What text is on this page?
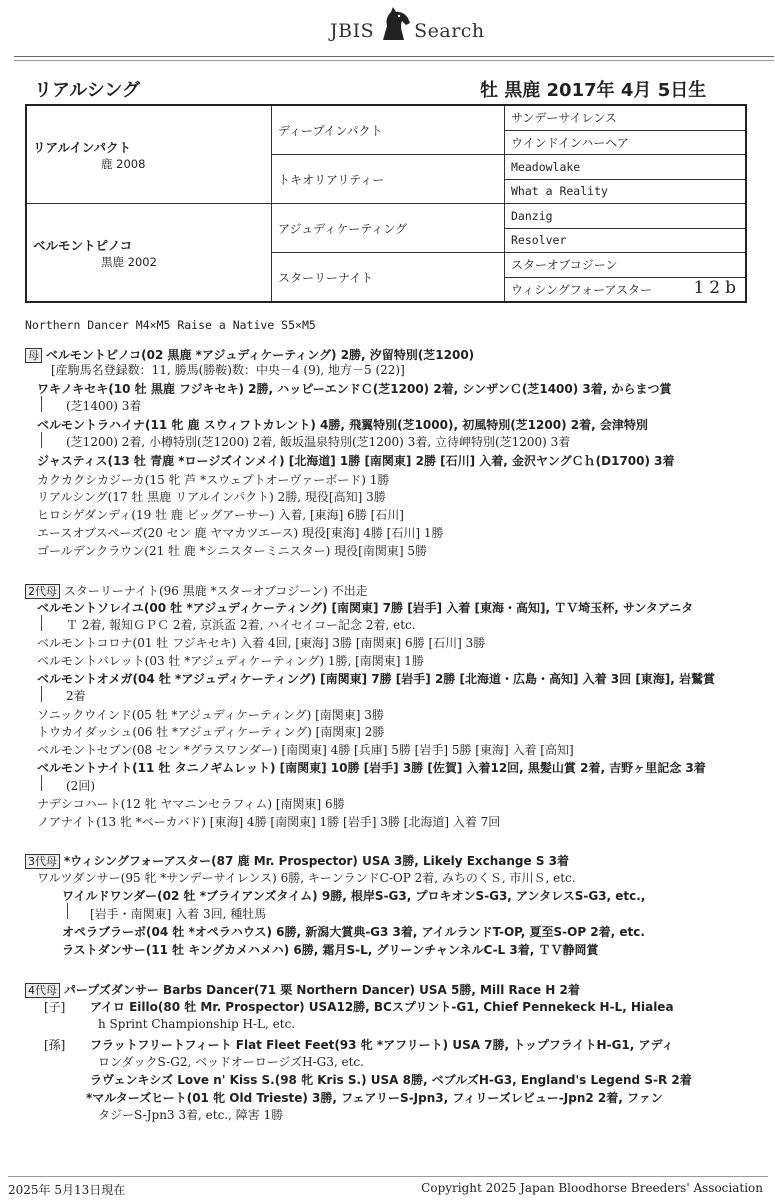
JBIS Search
リアルシング	牡 黒鹿 2017年 4月 5日生
リアルインパクト
鹿 2008	ディープインパクト	サンデーサイレンス
		ウインドインハーヘア
	トキオリアリティー	Meadowlake
		What a Reality

ベルモントピノコ
黒鹿 2002	アジュディケーティング	Danzig
		Resolver
	スターリーナイト	スターオブコジーン
		ウィシングフォーアスター 12b
Northern Dancer M4×M5 Raise a Native S5×M5
母 ベルモントピノコ(02 黒鹿 *アジュディケーティング) 2勝, 汐留特別(芝1200)
[産駒馬名登録数：11, 勝馬(勝鞍)数：中央－4 (9), 地方－5 (22)]
ワキノキセキ(10 牡 黒鹿 フジキセキ) 2勝, ハッピーエンドＣ(芝1200) 2着, シンザンＣ(芝1400) 3着, からまつ賞
(芝1400) 3着
ベルモントラハイナ(11 牝 鹿 スウィフトカレント) 4勝, 飛翼特別(芝1000), 初風特別(芝1200) 2着, 会津特別
(芝1200) 2着, 小樽特別(芝1200) 2着, 飯坂温泉特別(芝1200) 3着, 立待岬特別(芝1200) 3着
ジャスティス(13 牡 青鹿 *ロージズインメイ) [北海道] 1勝 [南関東] 2勝 [石川] 入着, 金沢ヤングＣｈ(D1700) 3着
カクカクシカジーカ(15 牝 芦 *スウェプトオーヴァーボード) 1勝
リアルシング(17 牡 黒鹿 リアルインパクト) 2勝, 現役[高知] 3勝
ヒロシゲダンディ(19 牡 鹿 ビッグアーサー) 入着, [東海] 6勝 [石川]
エースオブスペーズ(20 セン 鹿 ヤマカツエース) 現役[東海] 4勝 [石川] 1勝
ゴールデンクラウン(21 牡 鹿 *シニスターミニスター) 現役[南関東] 5勝
2代母 スターリーナイト(96 黒鹿 *スターオブコジーン) 不出走
ベルモントソレイユ(00 牡 *アジュディケーティング) [南関東] 7勝 [岩手] 入着 [東海・高知], ＴＶ埼玉杯, サンタアニタ
Ｔ 2着, 報知ＧＰＣ 2着, 京浜盃 2着, ハイセイコー記念 2着, etc.
ベルモントコロナ(01 牡 フジキセキ) 入着 4回, [東海] 3勝 [南関東] 6勝 [石川] 3勝
ベルモントバレット(03 牡 *アジュディケーティング) 1勝, [南関東] 1勝
ベルモントオメガ(04 牡 *アジュディケーティング) [南関東] 7勝 [岩手] 2勝 [北海道・広島・高知] 入着 3回 [東海], 岩鷲賞
2着
ソニックウインド(05 牡 *アジュディケーティング) [南関東] 3勝
トウカイダッシュ(06 牡 *アジュディケーティング) [南関東] 2勝
ベルモントセブン(08 セン *グラスワンダー) [南関東] 4勝 [兵庫] 5勝 [岩手] 5勝 [東海] 入着 [高知]
ベルモントナイト(11 牡 タニノギムレット) [南関東] 10勝 [岩手] 3勝 [佐賀] 入着12回, 黒髪山賞 2着, 吉野ヶ里記念 3着
(2回)
ナデシコハート(12 牝 ヤマニンセラフィム) [南関東] 6勝
ノアナイト(13 牝 *ベーカバド) [東海] 4勝 [南関東] 1勝 [岩手] 3勝 [北海道] 入着 7回
3代母 *ウィシングフォーアスター(87 鹿 Mr. Prospector) USA 3勝, Likely Exchange S 3着
ワルツダンサー(95 牝 *サンデーサイレンス) 6勝, キーンランドC-OP 2着, みちのくＳ, 市川Ｓ, etc.
ワイルドワンダー(02 牡 *ブライアンズタイム) 9勝, 根岸S-G3, プロキオンS-G3, アンタレスS-G3, etc.,
[岩手・南関東] 入着 3回, 種牡馬
オペラブラーボ(04 牡 *オペラハウス) 6勝, 新潟大賞典-G3 3着, アイルランドT-OP, 夏至S-OP 2着, etc.
ラストダンサー(11 牡 キングカメハメハ) 6勝, 霜月S-L, グリーンチャンネルC-L 3着, ＴＶ静岡賞
4代母 パープズダンサー Barbs Dancer(71 栗 Northern Dancer) USA 5勝, Mill Race H 2着
[子] アイロ Eillo(80 牡 Mr. Prospector) USA12勝, BCスプリント-G1, Chief Pennekeck H-L, Hialea
h Sprint Championship H-L, etc.
[孫] フラットフリートフィート Flat Fleet Feet(93 牝 *アフリート) USA 7勝, トップフライトH-G1, アディ
ロンダックS-G2, ベッドオーロージズH-G3, etc.
ラヴェンキシズ Love n' Kiss S.(98 牝 Kris S.) USA 8勝, ベブルズH-G3, England's Legend S-R 2着
*マルターズヒート(01 牝 Old Trieste) 3勝, フェアリーS-Jpn3, フィリーズレビュー-Jpn2 2着, ファン
タジーS-Jpn3 3着, etc., 障害 1勝
2025年 5月13日現在	Copyright 2025 Japan Bloodhorse Breeders' Association
